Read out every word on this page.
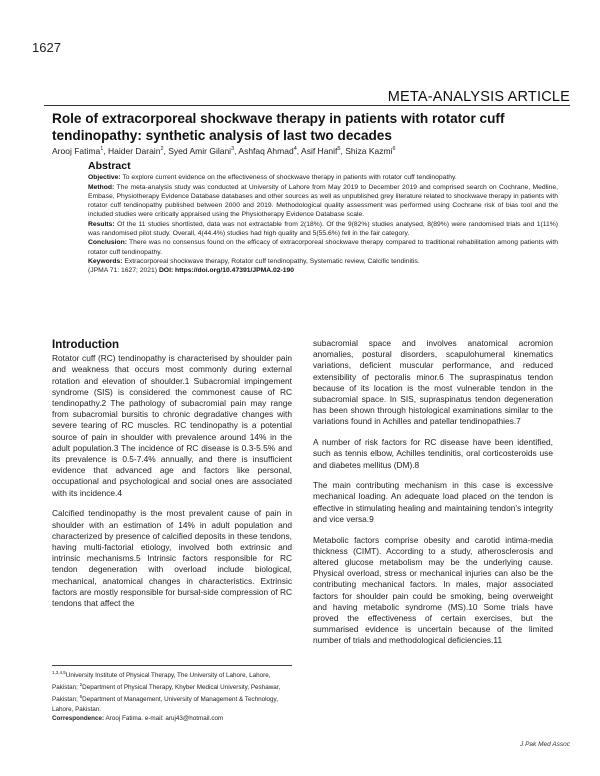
1627
META-ANALYSIS ARTICLE
Role of extracorporeal shockwave therapy in patients with rotator cuff tendinopathy: synthetic analysis of last two decades
Arooj Fatima$^1$, Haider Darain$^2$, Syed Amir Gilani$^3$, Ashfaq Ahmad$^4$, Asif Hanif$^5$, Shiza Kazmi$^6$
Abstract

Objective: To explore current evidence on the effectiveness of shockwave therapy in patients with rotator cuff tendinopathy.

Method: The meta-analysis study was conducted at University of Lahore from May 2019 to December 2019 and comprised search on Cochrane, Medline, Embase, Physiotherapy Evidence Database databases and other sources as well as unpublished grey literature related to shockwave therapy in patients with rotator cuff tendinopathy published between 2000 and 2019. Methodological quality assessment was performed using Cochrane risk of bias tool and the included studies were critically appraised using the Physiotherapy Evidence Database scale.

Results: Of the 11 studies shortlisted, data was not extractable from 2(18%). Of the 9(82%) studies analysed, 8(89%) were randomised trials and 1(11%) was randomised pilot study. Overall, 4(44.4%) studies had high quality and 5(55.6%) fell in the fair category.

Conclusion: There was no consensus found on the efficacy of extracorporeal shockwave therapy compared to traditional rehabilitation among patients with rotator cuff tendinopathy.

Keywords: Extracorporeal shockwave therapy, Rotator cuff tendinopathy, Systematic review, Calcific tendinitis.

(JPMA 71: 1627; 2021) DOI: https://doi.org/10.47391/JPMA.02-190

Introduction

Rotator cuff (RC) tendinopathy is characterised by shoulder pain and weakness that occurs most commonly during external rotation and elevation of shoulder.1 Subacromial impingement syndrome (SIS) is considered the commonest cause of RC tendinopathy.2 The pathology of subacromial pain may range from subacromial bursitis to chronic degradative changes with severe tearing of RC muscles. RC tendinopathy is a potential source of pain in shoulder with prevalence around 14% in the adult population.3 The incidence of RC disease is 0.3-5.5% and its prevalence is 0.5-7.4% annually, and there is insufficient evidence that advanced age and factors like personal, occupational and psychological and social ones are associated with its incidence.4

Calcified tendinopathy is the most prevalent cause of pain in shoulder with an estimation of 14% in adult population and characterized by presence of calcified deposits in these tendons, having multi-factorial etiology, involved both extrinsic and intrinsic mechanisms.5 Intrinsic factors responsible for RC tendon degeneration with overload include biological, mechanical, anatomical changes in characteristics. Extrinsic factors are mostly responsible for bursal-side compression of RC tendons that affect the

subacromial space and involves anatomical acromion anomalies, postural disorders, scapulohumeral kinematics variations, deficient muscular performance, and reduced extensibility of pectoralis minor.6 The supraspinatus tendon because of its location is the most vulnerable tendon in the subacromial space. In SIS, supraspinatus tendon degeneration has been shown through histological examinations similar to the variations found in Achilles and patellar tendinopathies.7

A number of risk factors for RC disease have been identified, such as tennis elbow, Achilles tendinitis, oral corticosteroids use and diabetes mellitus (DM).8

The main contributing mechanism in this case is excessive mechanical loading. An adequate load placed on the tendon is effective in stimulating healing and maintaining tendon's integrity and vice versa.9

Metabolic factors comprise obesity and carotid intima-media thickness (CIMT). According to a study, atherosclerosis and altered glucose metabolism may be the underlying cause. Physical overload, stress or mechanical injuries can also be the contributing mechanical factors. In males, major associated factors for shoulder pain could be smoking, being overweight and having metabolic syndrome (MS).10 Some trials have proved the effectiveness of certain exercises, but the summarised evidence is uncertain because of the limited number of trials and methodological deficiencies.11

$^{1,3,4,5}$University Institute of Physical Therapy, The University of Lahore, Lahore, Pakistan; $^2$Department of Physical Therapy, Khyber Medical University, Peshawar, Pakistan; $^6$Department of Management, University of Management & Technology, Lahore, Pakistan.
Correspondence: Arooj Fatima. e-mail: aruj43@hotmail.com
J Pak Med Assoc
